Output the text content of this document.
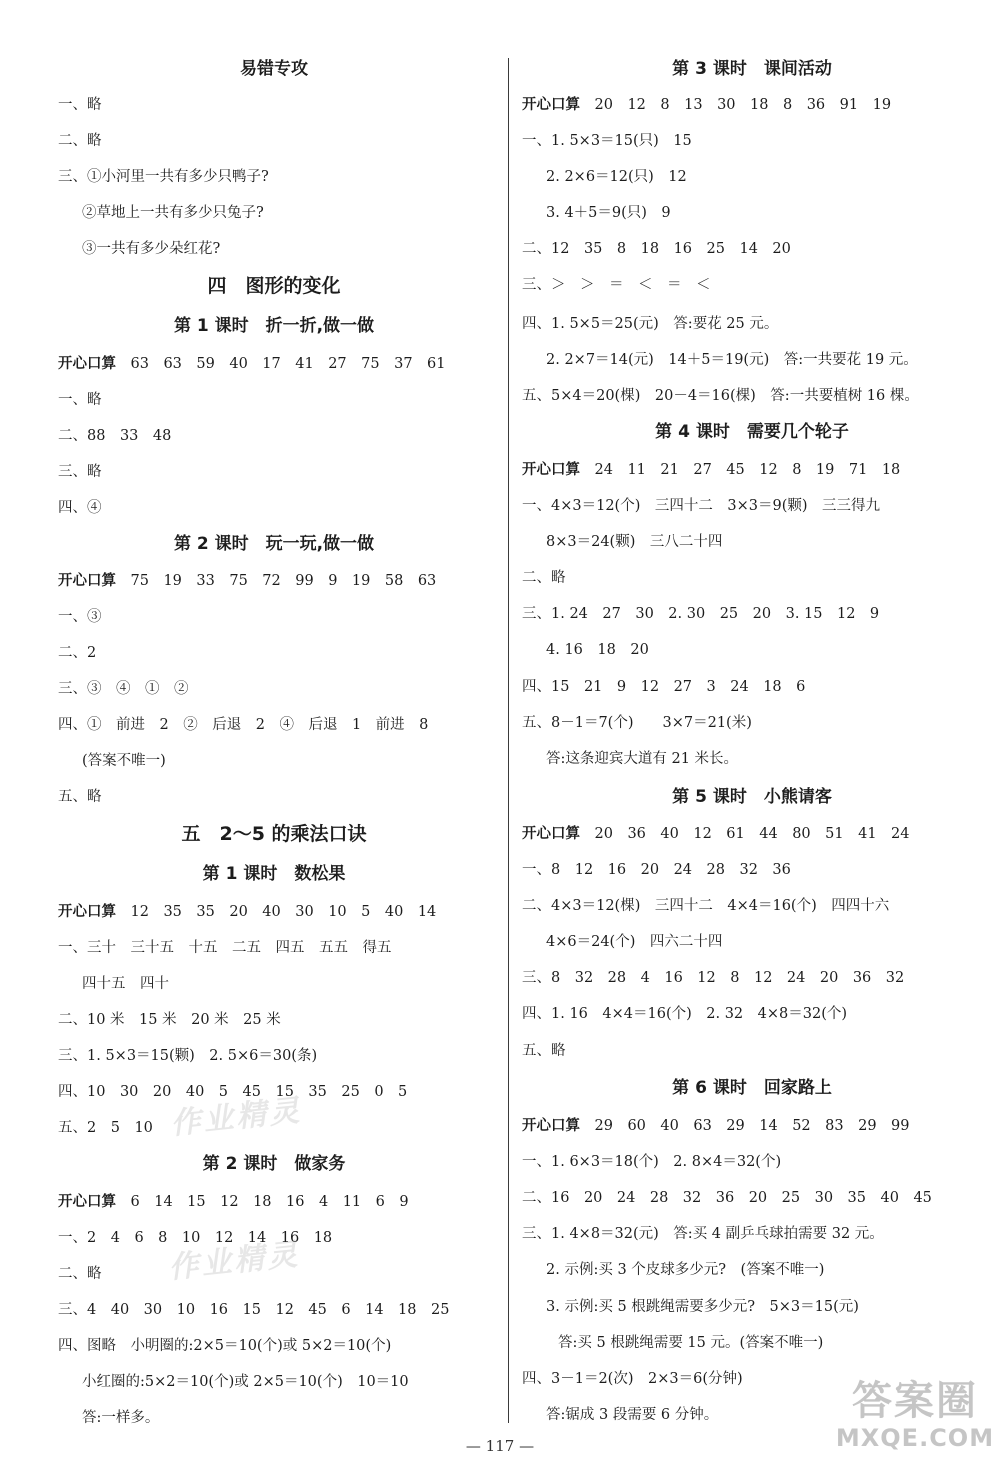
易错专攻
一、略
二、略
三、①小河里一共有多少只鸭子?
②草地上一共有多少只兔子?
③一共有多少朵红花?
四　图形的变化
第 1 课时　折一折,做一做
开心口算　63　63　59　40　17　41　27　75　37　61
一、略
二、88　33　48
三、略
四、④
第 2 课时　玩一玩,做一做
开心口算　75　19　33　75　72　99　9　19　58　63
一、③
二、2
三、③　④　①　②
四、①　前进　2　②　后退　2　④　后退　1　前进　8
(答案不唯一)
五、略
五　2～5 的乘法口诀
第 1 课时　数松果
开心口算　12　35　35　20　40　30　10　5　40　14
一、三十　三十五　十五　二五　四五　五五　得五
四十五　四十
二、10 米　15 米　20 米　25 米
三、1. 5×3＝15(颗)　2. 5×6＝30(条)
四、10　30　20　40　5　45　15　35　25　0　5
五、2　5　10
第 2 课时　做家务
开心口算　6　14　15　12　18　16　4　11　6　9
一、2　4　6　8　10　12　14　16　18
二、略
三、4　40　30　10　16　15　12　45　6　14　18　25
四、图略　小明圈的:2×5＝10(个)或 5×2＝10(个)
小红圈的:5×2＝10(个)或 2×5＝10(个)　10＝10
答:一样多。
第 3 课时　课间活动
开心口算　20　12　8　13　30　18　8　36　91　19
一、1. 5×3＝15(只)　15
2. 2×6＝12(只)　12
3. 4＋5＝9(只)　9
二、12　35　8　18　16　25　14　20
三、＞　＞　＝　＜　＝　＜
四、1. 5×5＝25(元)　答:要花 25 元。
2. 2×7＝14(元)　14＋5＝19(元)　答:一共要花 19 元。
五、5×4＝20(棵)　20－4＝16(棵)　答:一共要植树 16 棵。
第 4 课时　需要几个轮子
开心口算　24　11　21　27　45　12　8　19　71　18
一、4×3＝12(个)　三四十二　3×3＝9(颗)　三三得九
8×3＝24(颗)　三八二十四
二、略
三、1. 24　27　30　2. 30　25　20　3. 15　12　9
4. 16　18　20
四、15　21　9　12　27　3　24　18　6
五、8－1＝7(个)　　3×7＝21(米)
答:这条迎宾大道有 21 米长。
第 5 课时　小熊请客
开心口算　20　36　40　12　61　44　80　51　41　24
一、8　12　16　20　24　28　32　36
二、4×3＝12(棵)　三四十二　4×4＝16(个)　四四十六
4×6＝24(个)　四六二十四
三、8　32　28　4　16　12　8　12　24　20　36　32
四、1. 16　4×4＝16(个)　2. 32　4×8＝32(个)
五、略
第 6 课时　回家路上
开心口算　29　60　40　63　29　14　52　83　29　99
一、1. 6×3＝18(个)　2. 8×4＝32(个)
二、16　20　24　28　32　36　20　25　30　35　40　45
三、1. 4×8＝32(元)　答:买 4 副乒乓球拍需要 32 元。
2. 示例:买 3 个皮球多少元?　(答案不唯一)
3. 示例:买 5 根跳绳需要多少元?　5×3＝15(元)
答:买 5 根跳绳需要 15 元。(答案不唯一)
四、3－1＝2(次)　2×3＝6(分钟)
答:锯成 3 段需要 6 分钟。
作业精灵
作业精灵
— 117 —
答案圈
MXQE.COM
